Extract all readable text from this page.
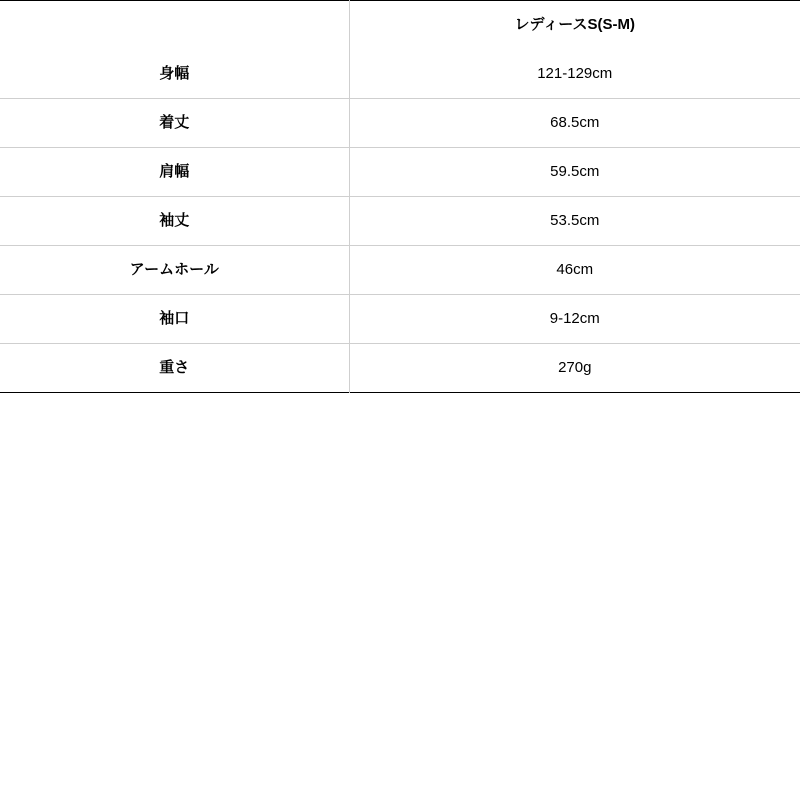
	レディースS(S-M)
身幅	121-129cm
着丈	68.5cm
肩幅	59.5cm
袖丈	53.5cm
アームホール	46cm
袖口	9-12cm
重さ	270g
